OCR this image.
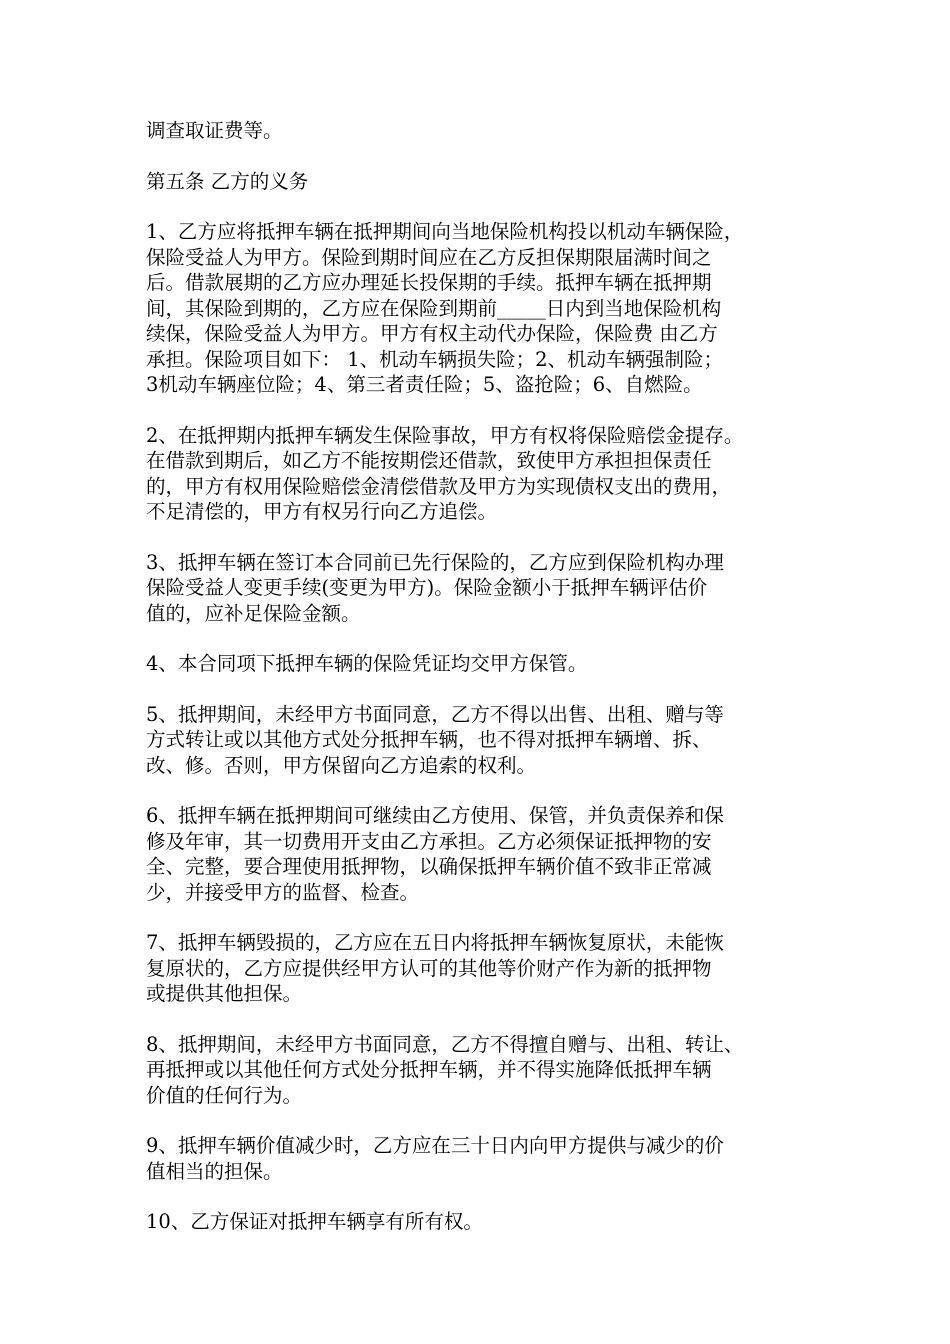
调查取证费等。

第五条 乙方的义务

1、乙方应将抵押车辆在抵押期间向当地保险机构投以机动车辆保险，
保险受益人为甲方。保险到期时间应在乙方反担保期限届满时间之
后。借款展期的乙方应办理延长投保期的手续。抵押车辆在抵押期
间，其保险到期的，乙方应在保险到期前_____日内到当地保险机构
续保，保险受益人为甲方。甲方有权主动代办保险，保险费 由乙方
承担。保险项目如下： 1、机动车辆损失险；2、机动车辆强制险；
3机动车辆座位险；4、第三者责任险；5、盗抢险；6、自燃险。

2、在抵押期内抵押车辆发生保险事故，甲方有权将保险赔偿金提存。
在借款到期后，如乙方不能按期偿还借款，致使甲方承担担保责任
的，甲方有权用保险赔偿金清偿借款及甲方为实现债权支出的费用，
不足清偿的，甲方有权另行向乙方追偿。

3、抵押车辆在签订本合同前已先行保险的，乙方应到保险机构办理
保险受益人变更手续(变更为甲方)。保险金额小于抵押车辆评估价
值的，应补足保险金额。

4、本合同项下抵押车辆的保险凭证均交甲方保管。

5、抵押期间，未经甲方书面同意，乙方不得以出售、出租、赠与等
方式转让或以其他方式处分抵押车辆，也不得对抵押车辆增、拆、
改、修。否则，甲方保留向乙方追索的权利。

6、抵押车辆在抵押期间可继续由乙方使用、保管，并负责保养和保
修及年审，其一切费用开支由乙方承担。乙方必须保证抵押物的安
全、完整，要合理使用抵押物，以确保抵押车辆价值不致非正常减
少，并接受甲方的监督、检查。

7、抵押车辆毁损的，乙方应在五日内将抵押车辆恢复原状，未能恢
复原状的，乙方应提供经甲方认可的其他等价财产作为新的抵押物
或提供其他担保。

8、抵押期间，未经甲方书面同意，乙方不得擅自赠与、出租、转让、
再抵押或以其他任何方式处分抵押车辆，并不得实施降低抵押车辆
价值的任何行为。

9、抵押车辆价值减少时，乙方应在三十日内向甲方提供与减少的价
值相当的担保。

10、乙方保证对抵押车辆享有所有权。
